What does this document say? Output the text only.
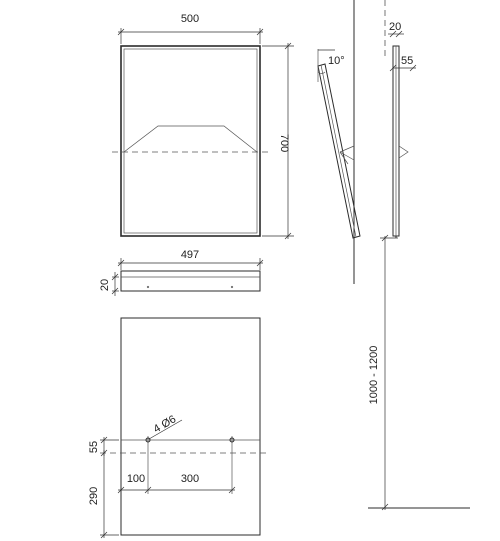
500
700
10°
20
55
1000 - 1200
497
20
4 Ø6
55
290
100	300
